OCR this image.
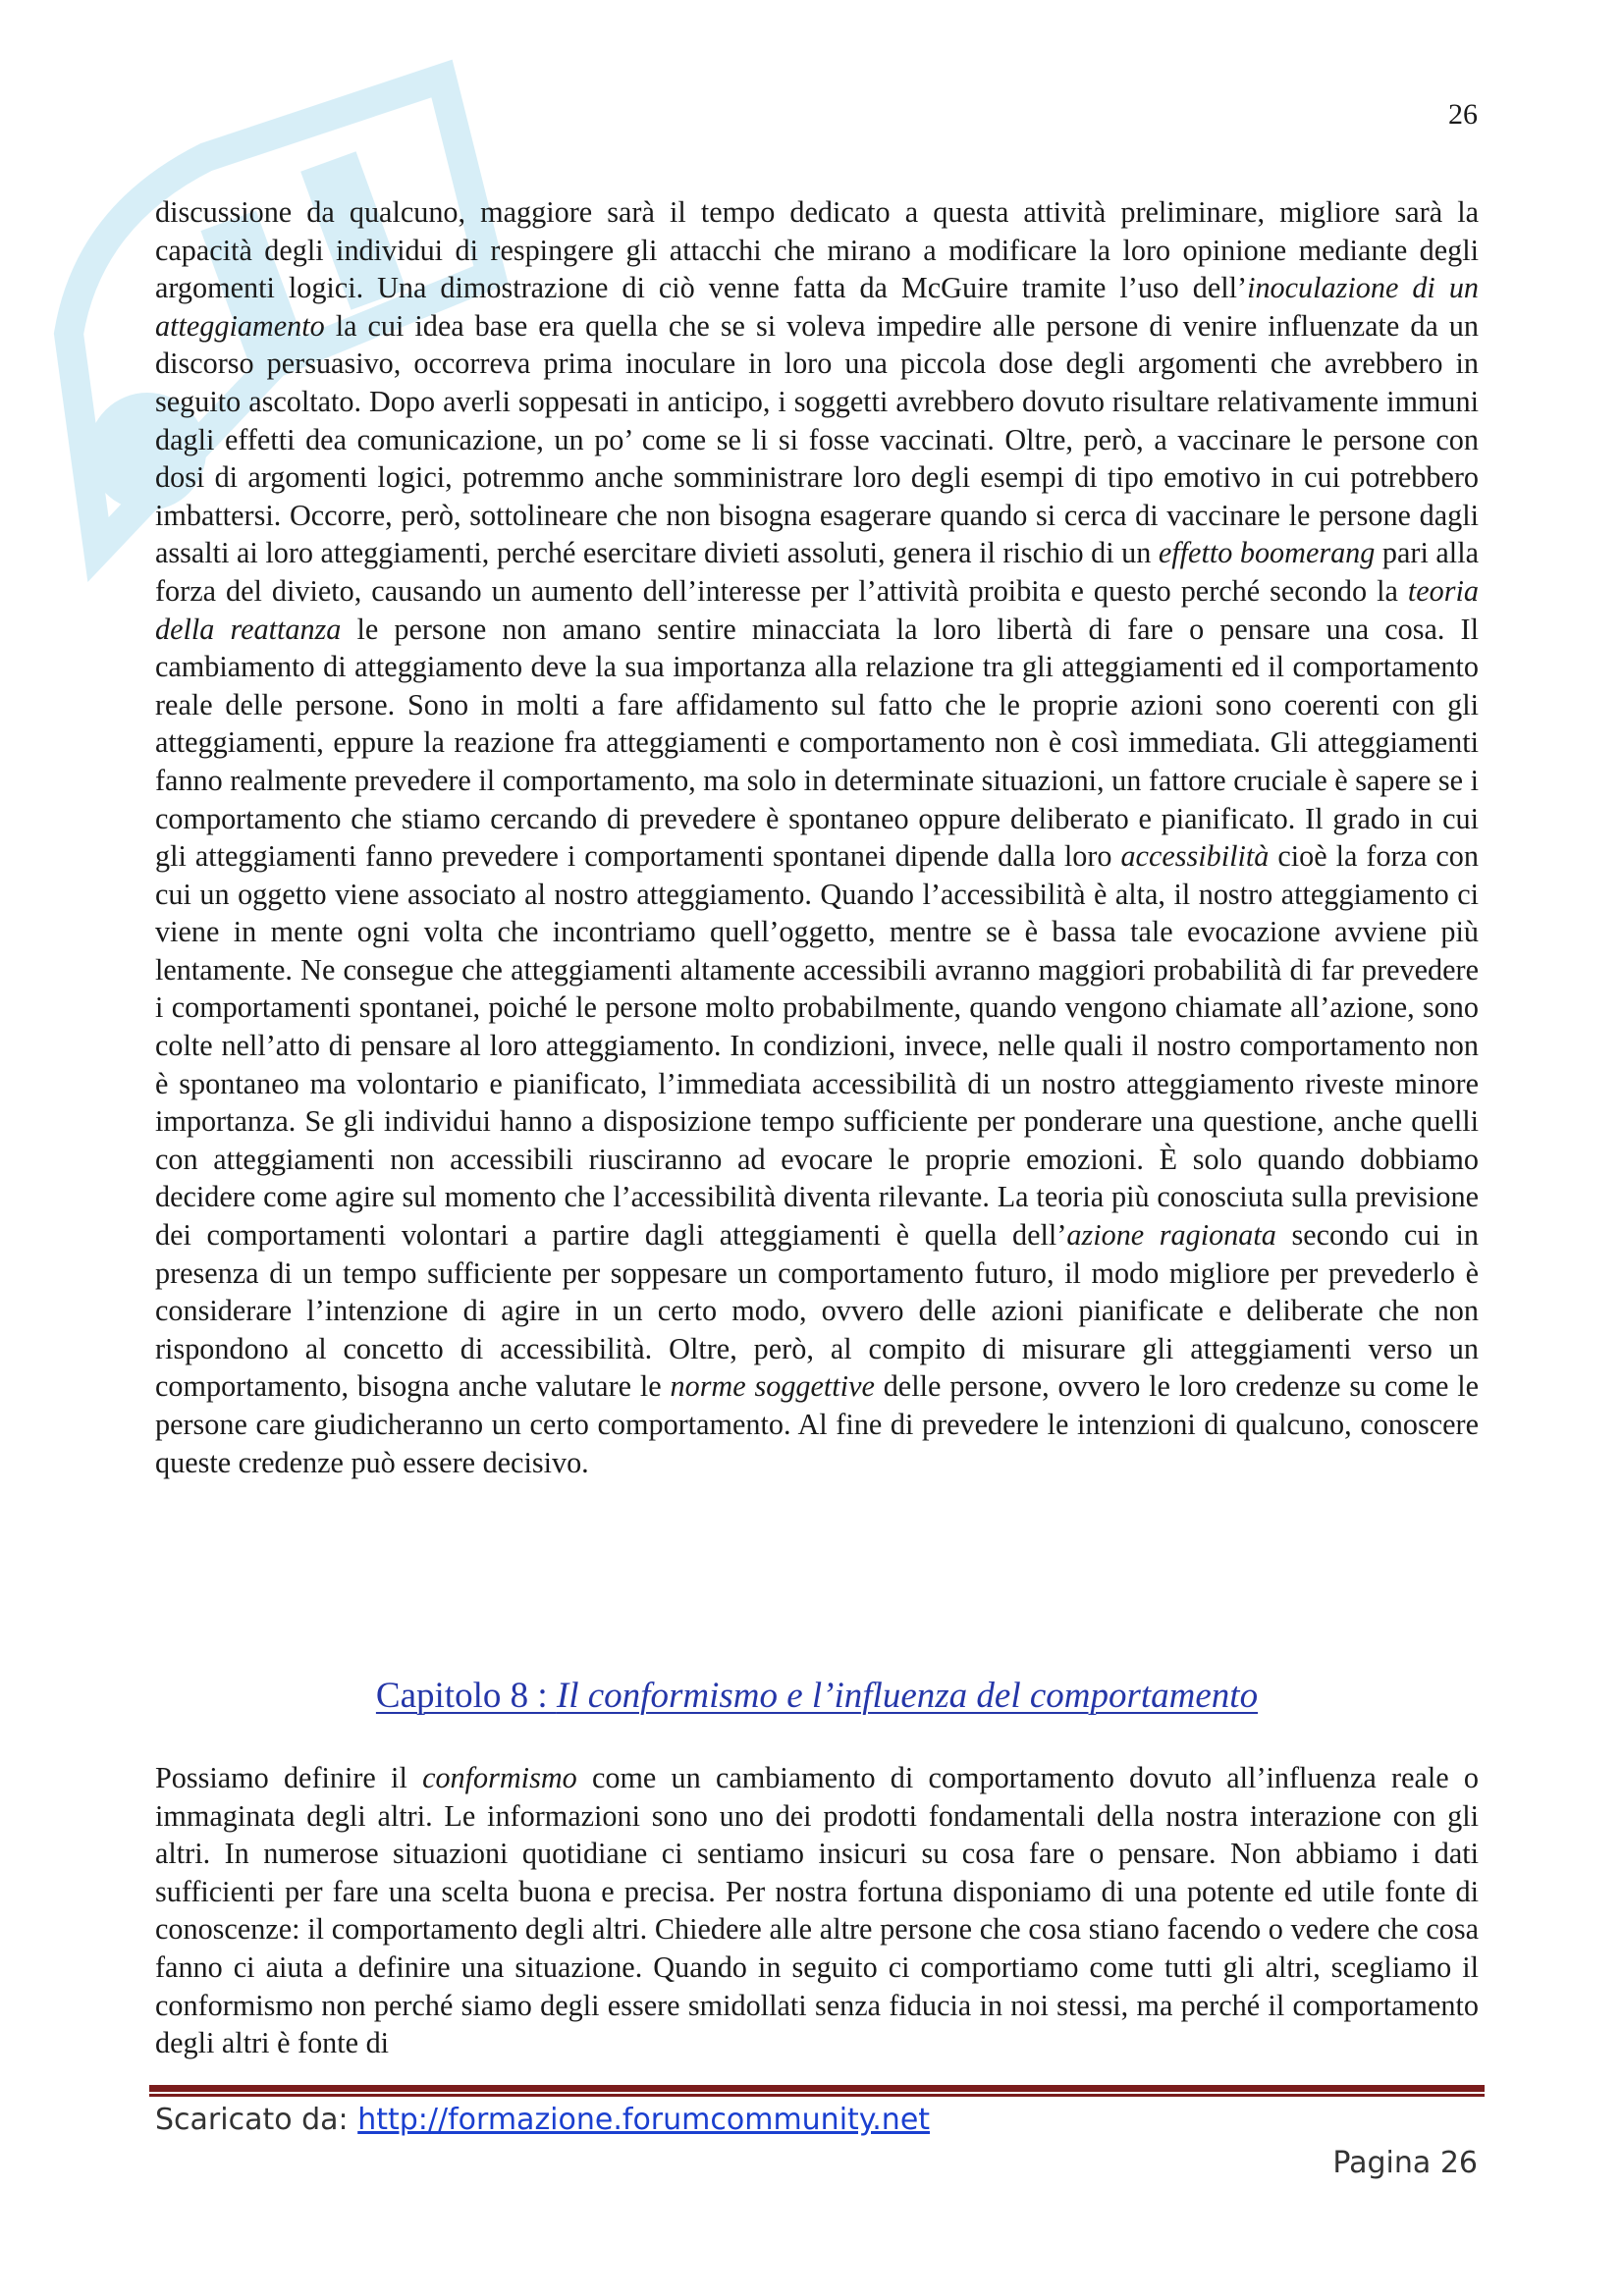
26

discussione da qualcuno, maggiore sarà il tempo dedicato a questa attività preliminare, migliore sarà la capacità degli individui di respingere gli attacchi che mirano a modificare la loro opinione mediante degli argomenti logici. Una dimostrazione di ciò venne fatta da McGuire tramite l’uso dell’inoculazione di un atteggiamento la cui idea base era quella che se si voleva impedire alle persone di venire influenzate da un discorso persuasivo, occorreva prima inoculare in loro una piccola dose degli argomenti che avrebbero in seguito ascoltato. Dopo averli soppesati in anticipo, i soggetti avrebbero dovuto risultare relativamente immuni dagli effetti dea comunicazione, un po’ come se li si fosse vaccinati. Oltre, però, a vaccinare le persone con dosi di argomenti logici, potremmo anche somministrare loro degli esempi di tipo emotivo in cui potrebbero imbattersi. Occorre, però, sottolineare che non bisogna esagerare quando si cerca di vaccinare le persone dagli assalti ai loro atteggiamenti, perché esercitare divieti assoluti, genera il rischio di un effetto boomerang pari alla forza del divieto, causando un aumento dell’interesse per l’attività proibita e questo perché secondo la teoria della reattanza le persone non amano sentire minacciata la loro libertà di fare o pensare una cosa. Il cambiamento di atteggiamento deve la sua importanza alla relazione tra gli atteggiamenti ed il comportamento reale delle persone. Sono in molti a fare affidamento sul fatto che le proprie azioni sono coerenti con gli atteggiamenti, eppure la reazione fra atteggiamenti e comportamento non è così immediata. Gli atteggiamenti fanno realmente prevedere il comportamento, ma solo in determinate situazioni, un fattore cruciale è sapere se i comportamento che stiamo cercando di prevedere è spontaneo oppure deliberato e pianificato. Il grado in cui gli atteggiamenti fanno prevedere i comportamenti spontanei dipende dalla loro accessibilità cioè la forza con cui un oggetto viene associato al nostro atteggiamento. Quando l’accessibilità è alta, il nostro atteggiamento ci viene in mente ogni volta che incontriamo quell’oggetto, mentre se è bassa tale evocazione avviene più lentamente. Ne consegue che atteggiamenti altamente accessibili avranno maggiori probabilità di far prevedere i comportamenti spontanei, poiché le persone molto probabilmente, quando vengono chiamate all’azione, sono colte nell’atto di pensare al loro atteggiamento. In condizioni, invece, nelle quali il nostro comportamento non è spontaneo ma volontario e pianificato, l’immediata accessibilità di un nostro atteggiamento riveste minore importanza. Se gli individui hanno a disposizione tempo sufficiente per ponderare una questione, anche quelli con atteggiamenti non accessibili riusciranno ad evocare le proprie emozioni. È solo quando dobbiamo decidere come agire sul momento che l’accessibilità diventa rilevante. La teoria più conosciuta sulla previsione dei comportamenti volontari a partire dagli atteggiamenti è quella dell’azione ragionata secondo cui in presenza di un tempo sufficiente per soppesare un comportamento futuro, il modo migliore per prevederlo è considerare l’intenzione di agire in un certo modo, ovvero delle azioni pianificate e deliberate che non rispondono al concetto di accessibilità. Oltre, però, al compito di misurare gli atteggiamenti verso un comportamento, bisogna anche valutare le norme soggettive delle persone, ovvero le loro credenze su come le persone care giudicheranno un certo comportamento. Al fine di prevedere le intenzioni di qualcuno, conoscere queste credenze può essere decisivo.

Capitolo 8 : Il conformismo e l’influenza del comportamento

Possiamo definire il conformismo come un cambiamento di comportamento dovuto all’influenza reale o immaginata degli altri. Le informazioni sono uno dei prodotti fondamentali della nostra interazione con gli altri. In numerose situazioni quotidiane ci sentiamo insicuri su cosa fare o pensare. Non abbiamo i dati sufficienti per fare una scelta buona e precisa. Per nostra fortuna disponiamo di una potente ed utile fonte di conoscenze: il comportamento degli altri. Chiedere alle altre persone che cosa stiano facendo o vedere che cosa fanno ci aiuta a definire una situazione. Quando in seguito ci comportiamo come tutti gli altri, scegliamo il conformismo non perché siamo degli essere smidollati senza fiducia in noi stessi, ma perché il comportamento degli altri è fonte di

Scaricato da: http://formazione.forumcommunity.net
Pagina 26
